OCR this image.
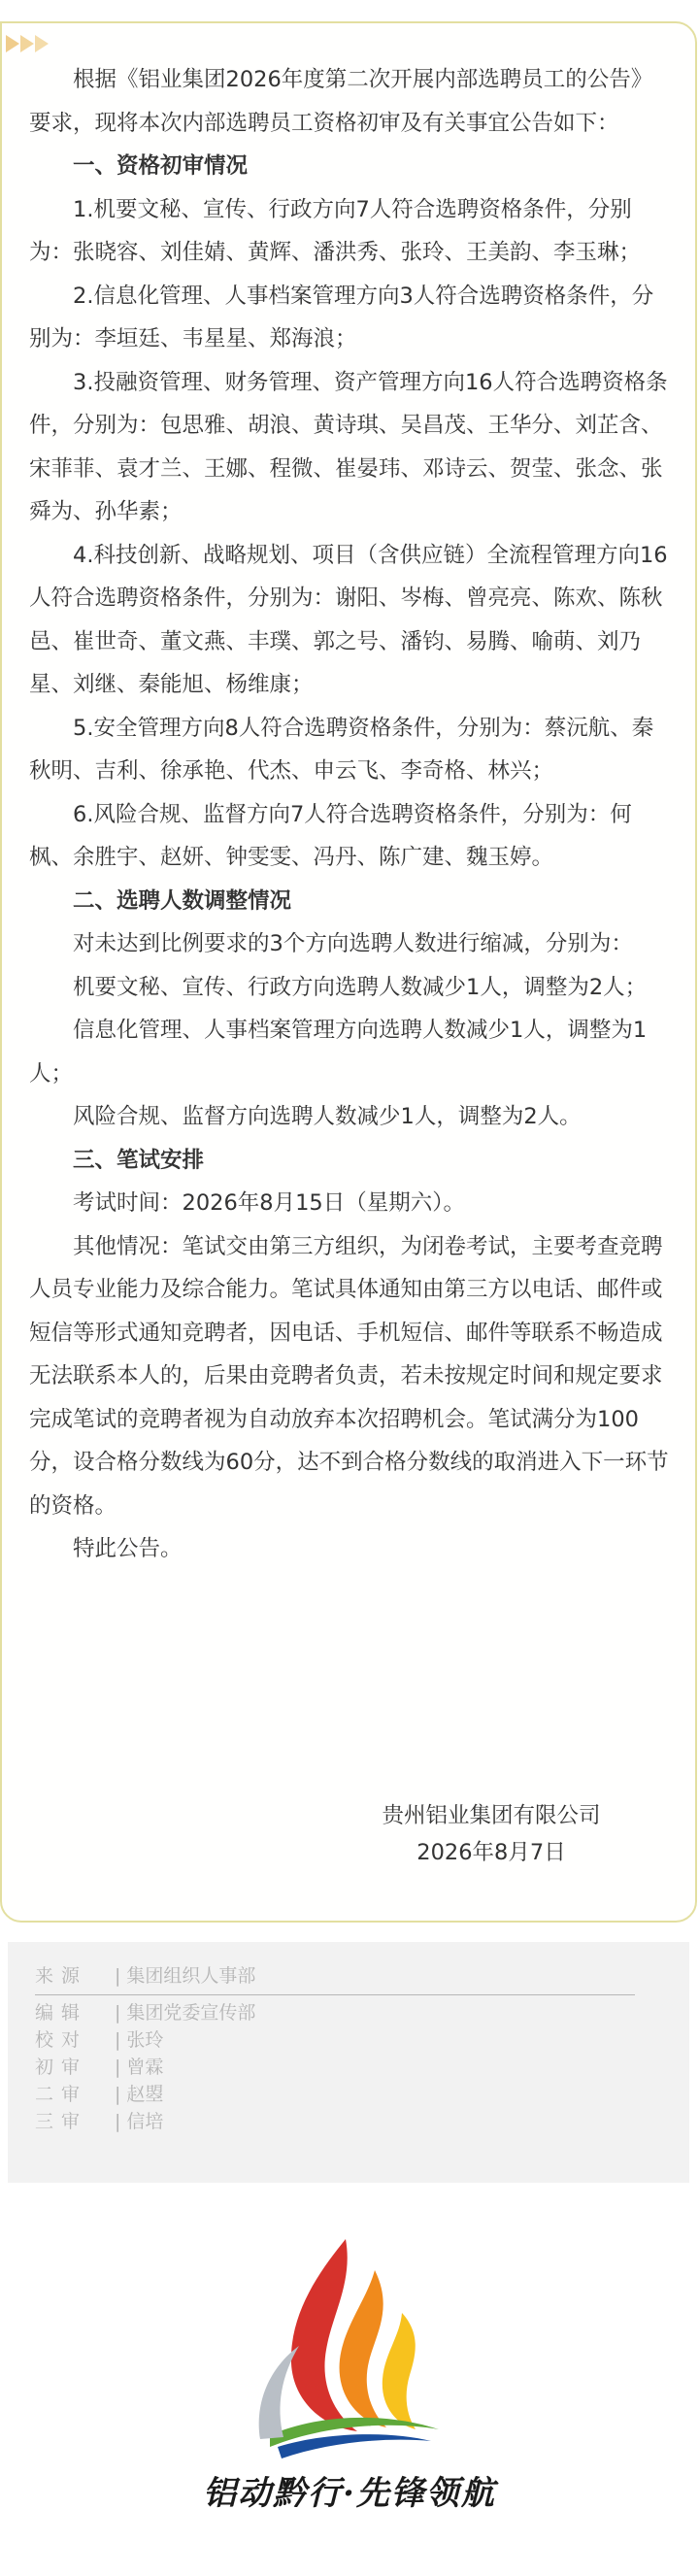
根据《铝业集团2026年度第二次开展内部选聘员工的公告》要求，现将本次内部选聘员工资格初审及有关事宜公告如下：

一、资格初审情况

1.机要文秘、宣传、行政方向7人符合选聘资格条件，分别为：张晓容、刘佳婧、黄辉、潘洪秀、张玲、王美韵、李玉琳；

2.信息化管理、人事档案管理方向3人符合选聘资格条件，分别为：李垣廷、韦星星、郑海浪；

3.投融资管理、财务管理、资产管理方向16人符合选聘资格条件，分别为：包思雅、胡浪、黄诗琪、吴昌茂、王华分、刘芷含、宋菲菲、袁才兰、王娜、程微、崔晏玮、邓诗云、贺莹、张念、张舜为、孙华素；

4.科技创新、战略规划、项目（含供应链）全流程管理方向16人符合选聘资格条件，分别为：谢阳、岑梅、曾亮亮、陈欢、陈秋邑、崔世奇、董文燕、丰璞、郭之号、潘钧、易腾、喻萌、刘乃星、刘继、秦能旭、杨维康；

5.安全管理方向8人符合选聘资格条件，分别为：蔡沅航、秦秋明、吉利、徐承艳、代杰、申云飞、李奇格、林兴；

6.风险合规、监督方向7人符合选聘资格条件，分别为：何枫、余胜宇、赵妍、钟雯雯、冯丹、陈广建、魏玉婷。

二、选聘人数调整情况

对未达到比例要求的3个方向选聘人数进行缩减，分别为：

机要文秘、宣传、行政方向选聘人数减少1人，调整为2人；

信息化管理、人事档案管理方向选聘人数减少1人，调整为1人；

风险合规、监督方向选聘人数减少1人，调整为2人。

三、笔试安排

考试时间：2026年8月15日（星期六）。

其他情况：笔试交由第三方组织，为闭卷考试，主要考查竞聘人员专业能力及综合能力。笔试具体通知由第三方以电话、邮件或短信等形式通知竞聘者，因电话、手机短信、邮件等联系不畅造成无法联系本人的，后果由竞聘者负责，若未按规定时间和规定要求完成笔试的竞聘者视为自动放弃本次招聘机会。笔试满分为100分，设合格分数线为60分，达不到合格分数线的取消进入下一环节的资格。

特此公告。

贵州铝业集团有限公司
2026年8月7日
来源	| 集团组织人事部
编辑	| 集团党委宣传部
校对	| 张玲
初审	| 曾霖
二审	| 赵曌
三审	| 信培
铝动黔行·先锋领航
